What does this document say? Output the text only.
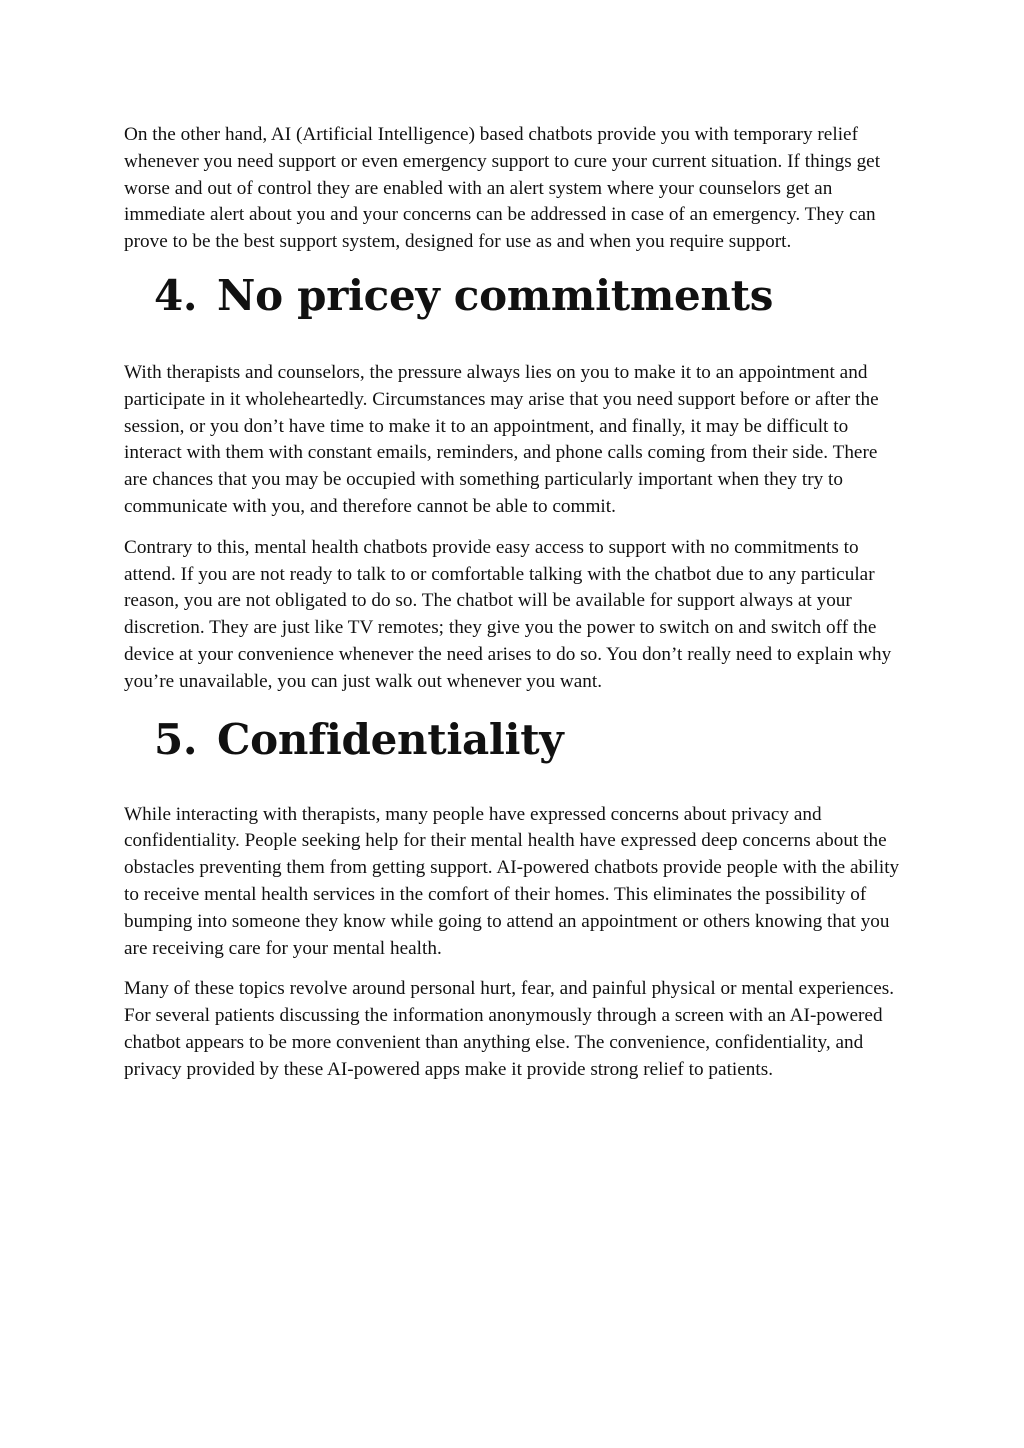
On the other hand, AI (Artificial Intelligence) based chatbots provide you with temporary relief whenever you need support or even emergency support to cure your current situation. If things get worse and out of control they are enabled with an alert system where your counselors get an immediate alert about you and your concerns can be addressed in case of an emergency. They can prove to be the best support system, designed for use as and when you require support.

4. No pricey commitments

With therapists and counselors, the pressure always lies on you to make it to an appointment and participate in it wholeheartedly. Circumstances may arise that you need support before or after the session, or you don’t have time to make it to an appointment, and finally, it may be difficult to interact with them with constant emails, reminders, and phone calls coming from their side. There are chances that you may be occupied with something particularly important when they try to communicate with you, and therefore cannot be able to commit.

Contrary to this, mental health chatbots provide easy access to support with no commitments to attend. If you are not ready to talk to or comfortable talking with the chatbot due to any particular reason, you are not obligated to do so. The chatbot will be available for support always at your discretion. They are just like TV remotes; they give you the power to switch on and switch off the device at your convenience whenever the need arises to do so. You don’t really need to explain why you’re unavailable, you can just walk out whenever you want.

5. Confidentiality

While interacting with therapists, many people have expressed concerns about privacy and confidentiality. People seeking help for their mental health have expressed deep concerns about the obstacles preventing them from getting support. AI-powered chatbots provide people with the ability to receive mental health services in the comfort of their homes. This eliminates the possibility of bumping into someone they know while going to attend an appointment or others knowing that you are receiving care for your mental health.

Many of these topics revolve around personal hurt, fear, and painful physical or mental experiences. For several patients discussing the information anonymously through a screen with an AI-powered chatbot appears to be more convenient than anything else. The convenience, confidentiality, and privacy provided by these AI-powered apps make it provide strong relief to patients.
